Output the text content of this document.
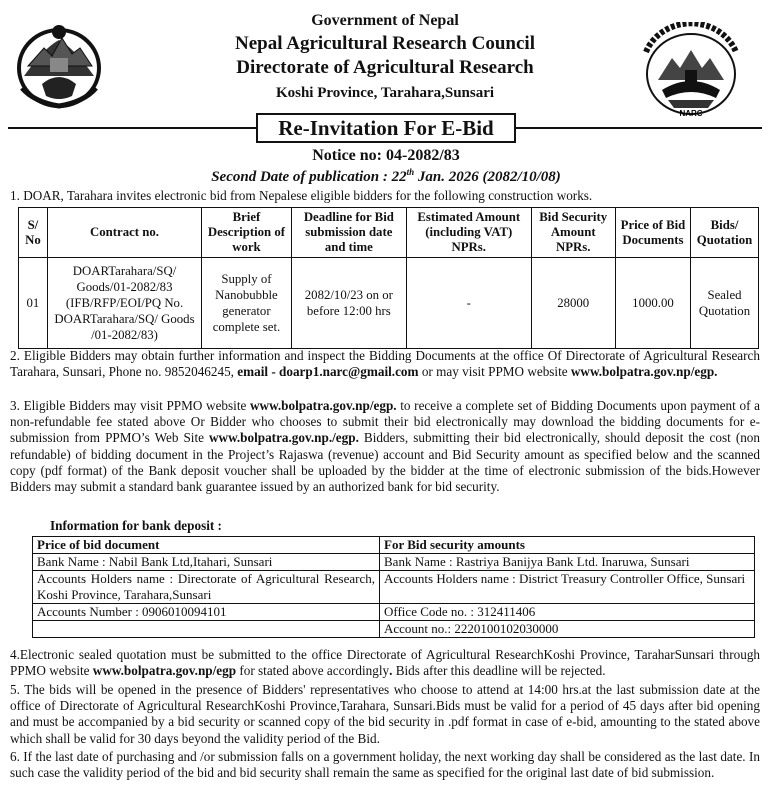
NARC
Government of Nepal
Nepal Agricultural Research Council
Directorate of Agricultural Research
Koshi Province, Tarahara,Sunsari
Re-Invitation For E-Bid
Notice no: 04-2082/83
Second Date of publication : 22th Jan. 2026 (2082/10/08)
1. DOAR, Tarahara invites electronic bid from Nepalese eligible bidders for the following construction works.
S/ No	Contract no.	Brief Description of work	Deadline for Bid submission date and time	Estimated Amount (including VAT) NPRs.	Bid Security Amount NPRs.	Price of Bid Documents	Bids/ Quotation
01	DOARTarahara/SQ/ Goods/01-2082/83 (IFB/RFP/EOI/PQ No. DOARTarahara/SQ/ Goods /01-2082/83)	Supply of Nanobubble generator complete set.	2082/10/23 on or before 12:00 hrs	-	28000	1000.00	Sealed Quotation
2. Eligible Bidders may obtain further information and inspect the Bidding Documents at the office Of Directorate of Agricultural Research Tarahara, Sunsari, Phone no. 9852046245, email - doarp1.narc@gmail.com or may visit PPMO website www.bolpatra.gov.np/egp.
3. Eligible Bidders may visit PPMO website www.bolpatra.gov.np/egp. to receive a complete set of Bidding Documents upon payment of a non-refundable fee stated above Or Bidder who chooses to submit their bid electronically may download the bidding documents for e-submission from PPMO’s Web Site www.bolpatra.gov.np./egp. Bidders, submitting their bid electronically, should deposit the cost (non refundable) of bidding document in the Project’s Rajaswa (revenue) account and Bid Security amount as specified below and the scanned copy (pdf format) of the Bank deposit voucher shall be uploaded by the bidder at the time of electronic submission of the bids.However Bidders may submit a standard bank guarantee issued by an authorized bank for bid security.
Information for bank deposit :
Price of bid document	For Bid security amounts
Bank Name : Nabil Bank Ltd,Itahari, Sunsari	Bank Name : Rastriya Banijya Bank Ltd. Inaruwa, Sunsari
Accounts Holders name : Directorate of Agricultural Research, Koshi Province, Tarahara,Sunsari	Accounts Holders name : District Treasury Controller Office, Sunsari
Accounts Number : 0906010094101	Office Code no. : 312411406
	Account no.: 2220100102030000
4.Electronic sealed quotation must be submitted to the office Directorate of Agricultural ResearchKoshi Province, TaraharSunsari through PPMO website www.bolpatra.gov.np/egp for stated above accordingly. Bids after this deadline will be rejected.
5. The bids will be opened in the presence of Bidders' representatives who choose to attend at 14:00 hrs.at the last submission date at the office of Directorate of Agricultural ResearchKoshi Province,Tarahara, Sunsari.Bids must be valid for a period of 45 days after bid opening and must be accompanied by a bid security or scanned copy of the bid security in .pdf format in case of e-bid, amounting to the stated above which shall be valid for 30 days beyond the validity period of the Bid.
6. If the last date of purchasing and /or submission falls on a government holiday, the next working day shall be considered as the last date. In such case the validity period of the bid and bid security shall remain the same as specified for the original last date of bid submission.
